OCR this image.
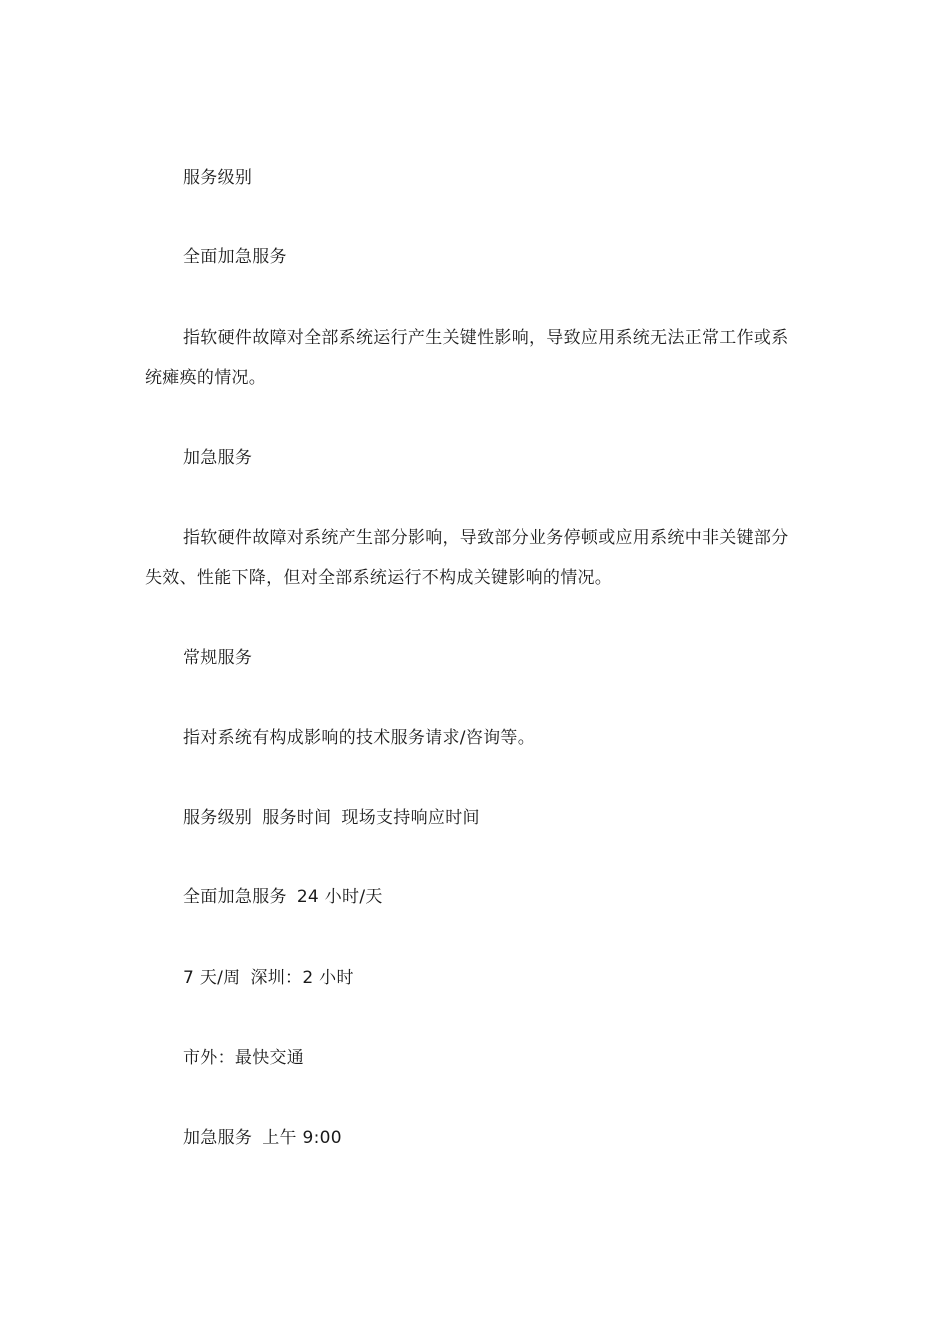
服务级别

全面加急服务

指软硬件故障对全部系统运行产生关键性影响，导致应用系统无法正常工作或系统瘫痪的情况。

加急服务

指软硬件故障对系统产生部分影响，导致部分业务停顿或应用系统中非关键部分失效、性能下降，但对全部系统运行不构成关键影响的情况。

常规服务

指对系统有构成影响的技术服务请求/咨询等。

服务级别 服务时间 现场支持响应时间

全面加急服务 24 小时/天

7 天/周 深圳：2 小时

市外：最快交通

加急服务 上午 9:00
